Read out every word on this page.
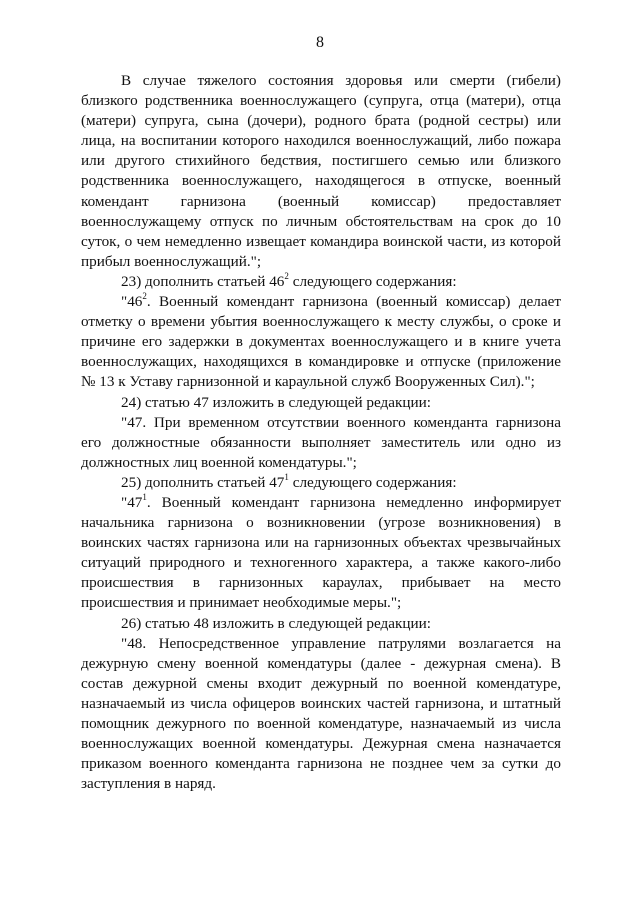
8

В случае тяжелого состояния здоровья или смерти (гибели) близкого родственника военнослужащего (супруга, отца (матери), отца (матери) супруга, сына (дочери), родного брата (родной сестры) или лица, на воспитании которого находился военнослужащий, либо пожара или другого стихийного бедствия, постигшего семью или близкого родственника военнослужащего, находящегося в отпуске, военный комендант гарнизона (военный комиссар) предоставляет военнослужащему отпуск по личным обстоятельствам на срок до 10 суток, о чем немедленно извещает командира воинской части, из которой прибыл военнослужащий.";

23) дополнить статьей $46^2$ следующего содержания:

"$46^2$. Военный комендант гарнизона (военный комиссар) делает отметку о времени убытия военнослужащего к месту службы, о сроке и причине его задержки в документах военнослужащего и в книге учета военнослужащих, находящихся в командировке и отпуске (приложение № 13 к Уставу гарнизонной и караульной служб Вооруженных Сил).";

24) статью 47 изложить в следующей редакции:

"47. При временном отсутствии военного коменданта гарнизона его должностные обязанности выполняет заместитель или одно из должностных лиц военной комендатуры.";

25) дополнить статьей $47^1$ следующего содержания:

"$47^1$. Военный комендант гарнизона немедленно информирует начальника гарнизона о возникновении (угрозе возникновения) в воинских частях гарнизона или на гарнизонных объектах чрезвычайных ситуаций природного и техногенного характера, а также какого-либо происшествия в гарнизонных караулах, прибывает на место происшествия и принимает необходимые меры.";

26) статью 48 изложить в следующей редакции:

"48. Непосредственное управление патрулями возлагается на дежурную смену военной комендатуры (далее - дежурная смена). В состав дежурной смены входит дежурный по военной комендатуре, назначаемый из числа офицеров воинских частей гарнизона, и штатный помощник дежурного по военной комендатуре, назначаемый из числа военнослужащих военной комендатуры. Дежурная смена назначается приказом военного коменданта гарнизона не позднее чем за сутки до заступления в наряд.
